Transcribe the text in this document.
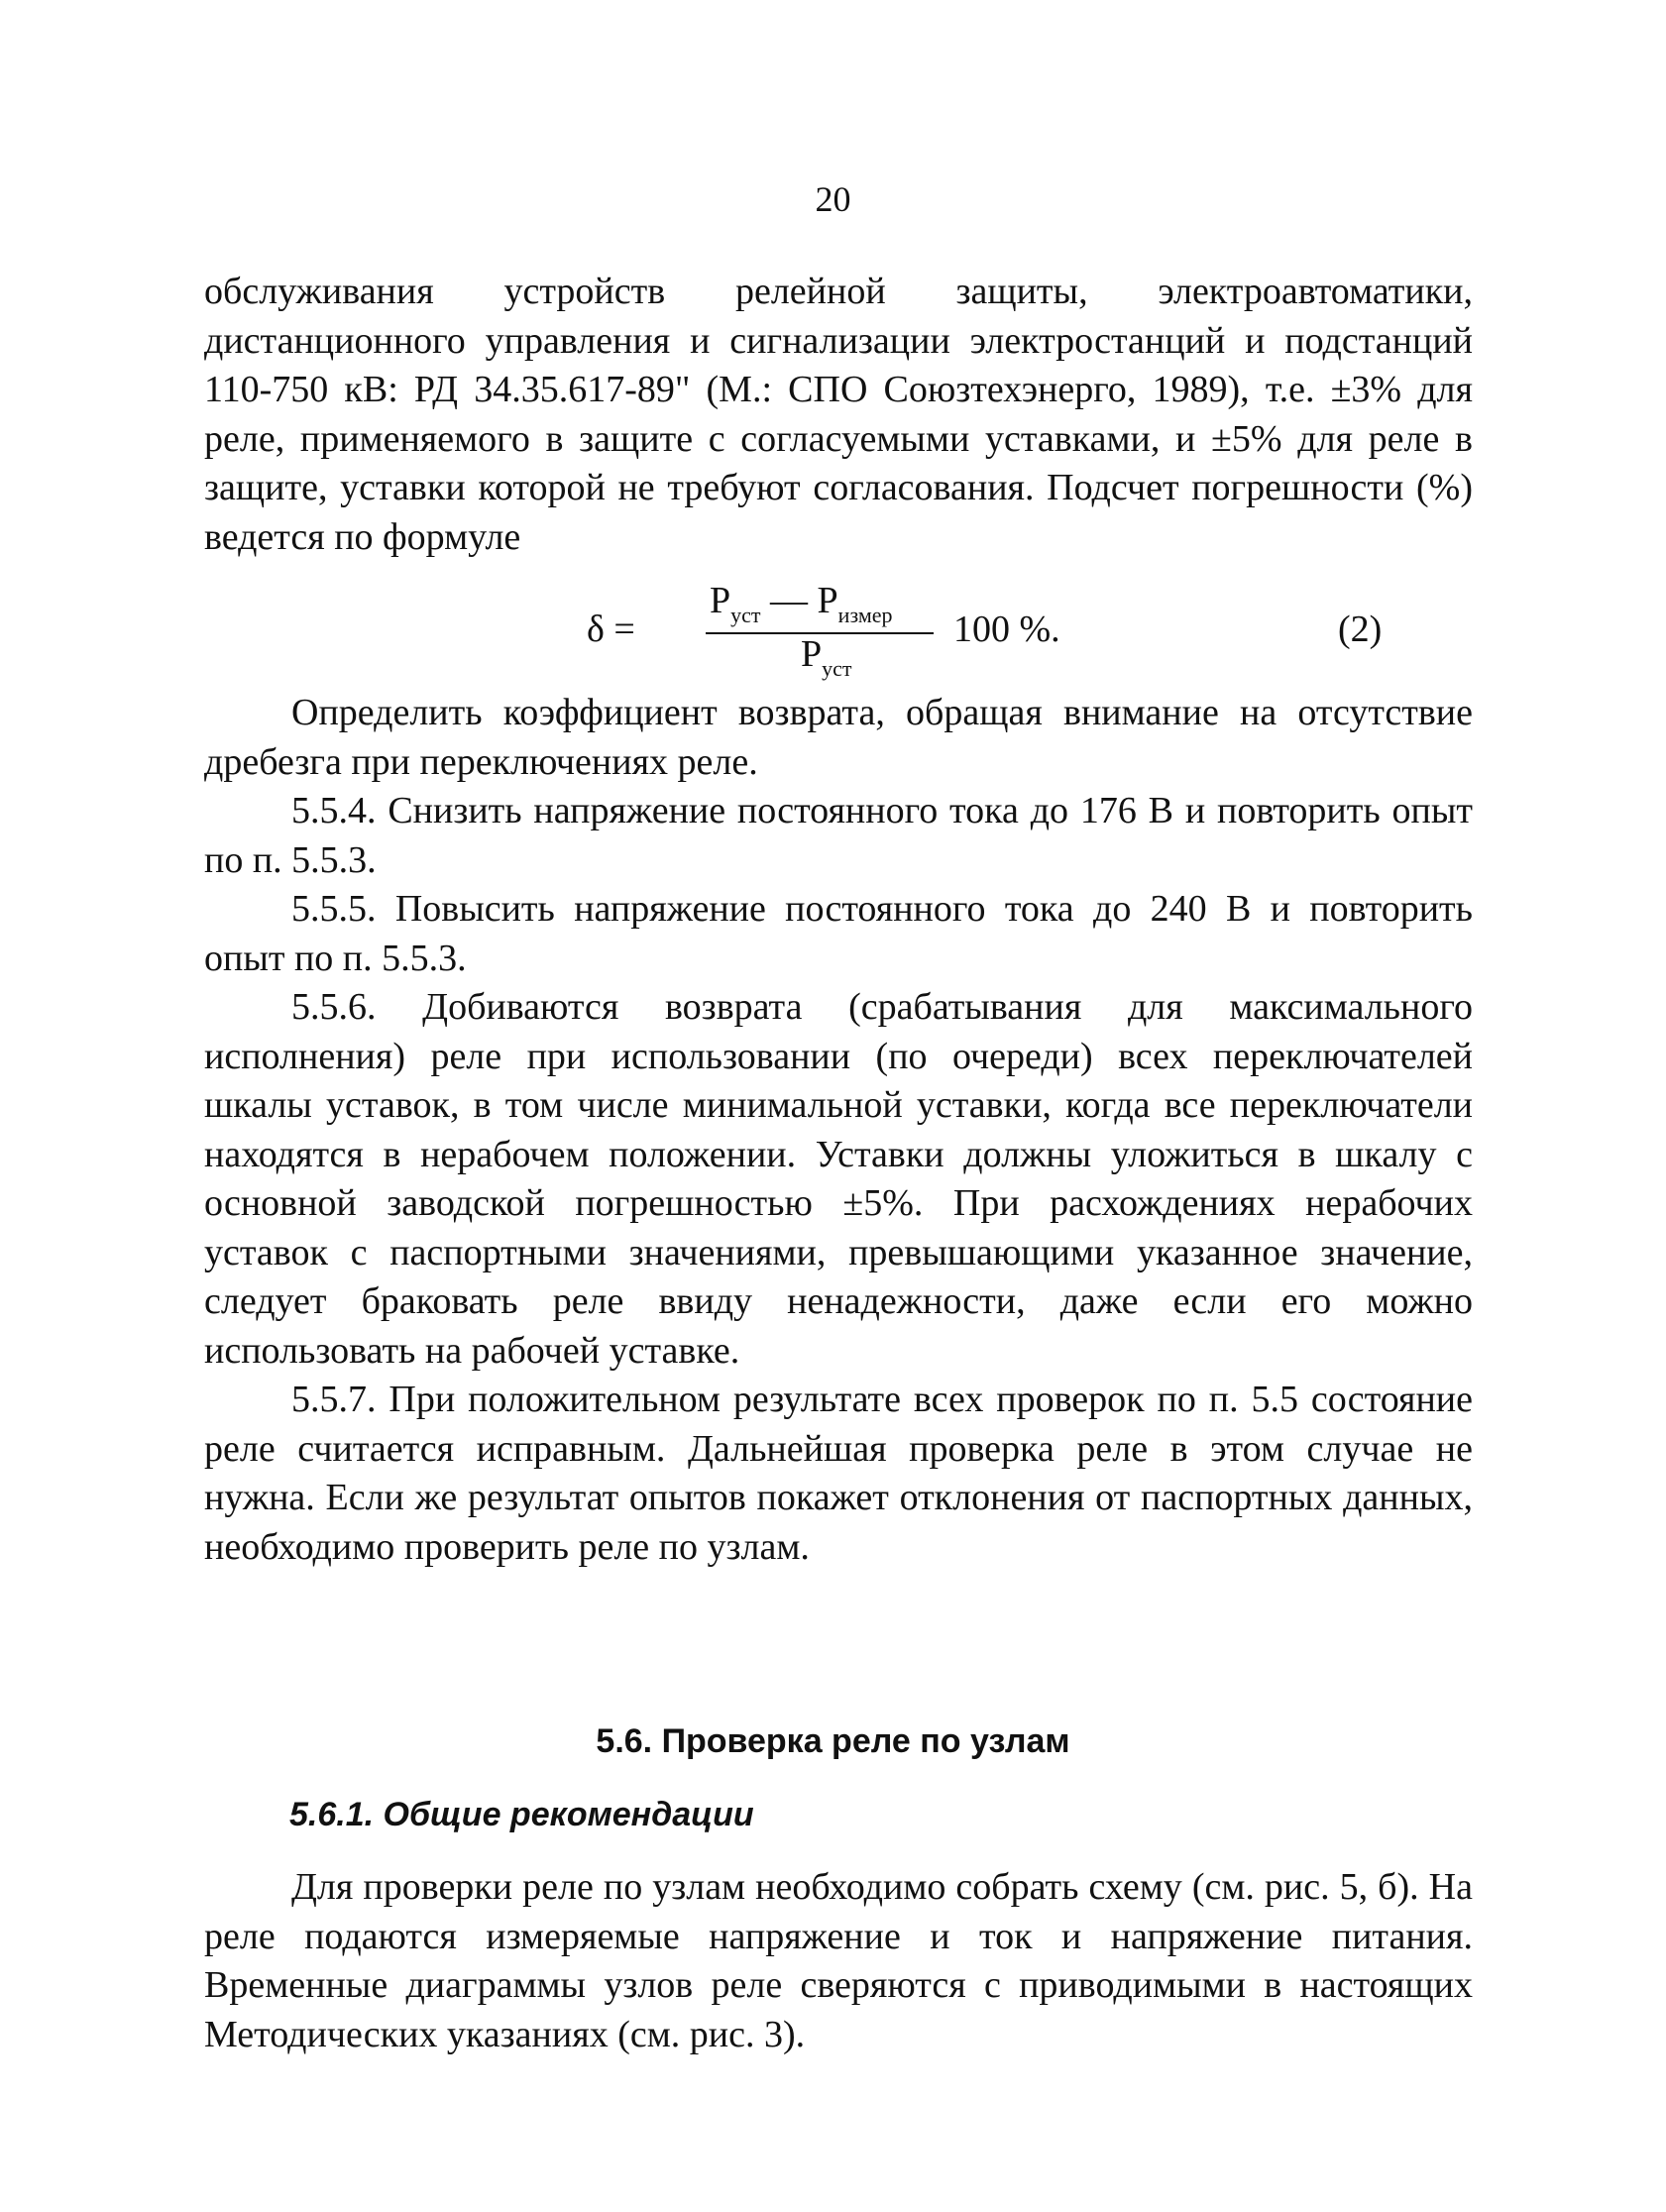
20

обслуживания устройств релейной защиты, электроавтоматики, дистанционного управления и сигнализации электростанций и подстанций 110-750 кВ: РД 34.35.617-89" (М.: СПО Союзтехэнерго, 1989), т.е. ±3% для реле, применяемого в защите с согласуемыми уставками, и ±5% для реле в защите, уставки которой не требуют согласования. Подсчет погрешности (%) ведется по формуле

δ =
$P_{уст}$ — $P_{измер}$
$P_{уст}$
100 %.	(2)

Определить коэффициент возврата, обращая внимание на отсутствие дребезга при переключениях реле.

5.5.4. Снизить напряжение постоянного тока до 176 В и повторить опыт по п. 5.5.3.

5.5.5. Повысить напряжение постоянного тока до 240 В и повторить опыт по п. 5.5.3.

5.5.6. Добиваются возврата (срабатывания для максимального исполнения) реле при использовании (по очереди) всех переключателей шкалы уставок, в том числе минимальной уставки, когда все переключатели находятся в нерабочем положении. Уставки должны уложиться в шкалу с основной заводской погрешностью ±5%. При расхождениях нерабочих уставок с паспортными значениями, превышающими указанное значение, следует браковать реле ввиду ненадежности, даже если его можно использовать на рабочей уставке.

5.5.7. При положительном результате всех проверок по п. 5.5 состояние реле считается исправным. Дальнейшая проверка реле в этом случае не нужна. Если же результат опытов покажет отклонения от паспортных данных, необходимо проверить реле по узлам.

5.6. Проверка реле по узлам
5.6.1. Общие рекомендации

Для проверки реле по узлам необходимо собрать схему (см. рис. 5, б). На реле подаются измеряемые напряжение и ток и напряжение питания. Временные диаграммы узлов реле сверяются с приводимыми в настоящих Методических указаниях (см. рис. 3).
